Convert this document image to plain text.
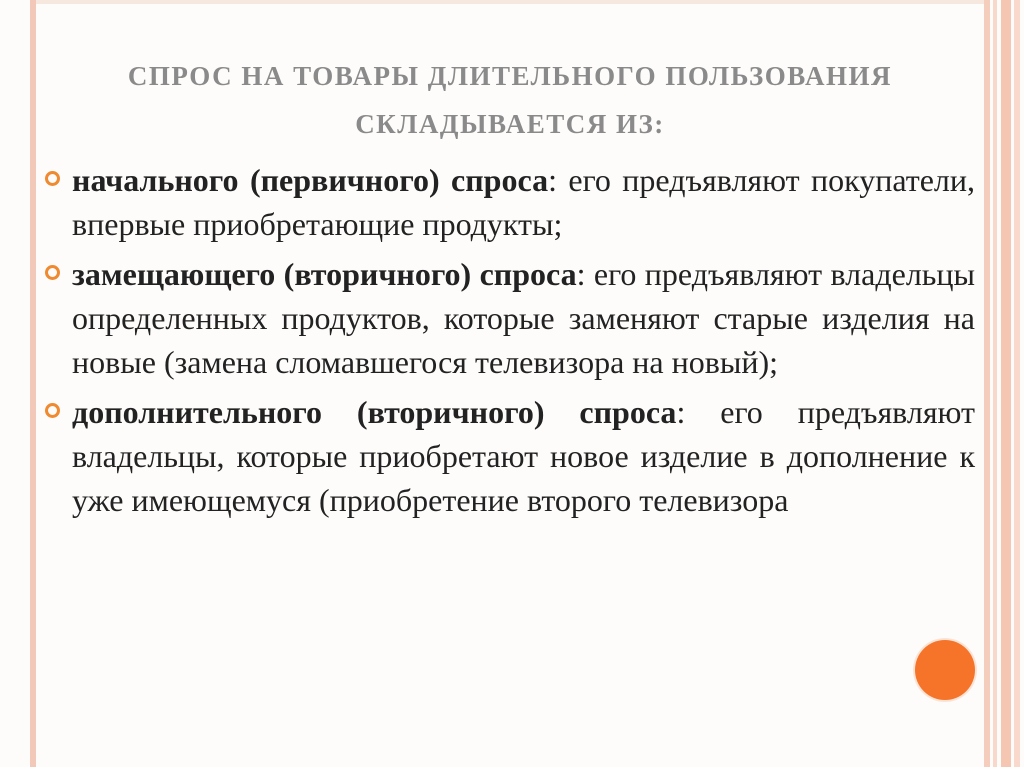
СПРОС НА ТОВАРЫ ДЛИТЕЛЬНОГО ПОЛЬЗОВАНИЯ
СКЛАДЫВАЕТСЯ ИЗ:
начального (первичного) спроса: его предъявляют покупатели, впервые приобретающие продукты;
замещающего (вторичного) спроса: его предъявляют владельцы определенных продуктов, которые заменяют старые изделия на новые (замена сломавшегося телевизора на новый);
дополнительного (вторичного) спроса: его предъявляют владельцы, которые приобретают новое изделие в дополнение к уже имеющемуся (приобретение второго телевизора
